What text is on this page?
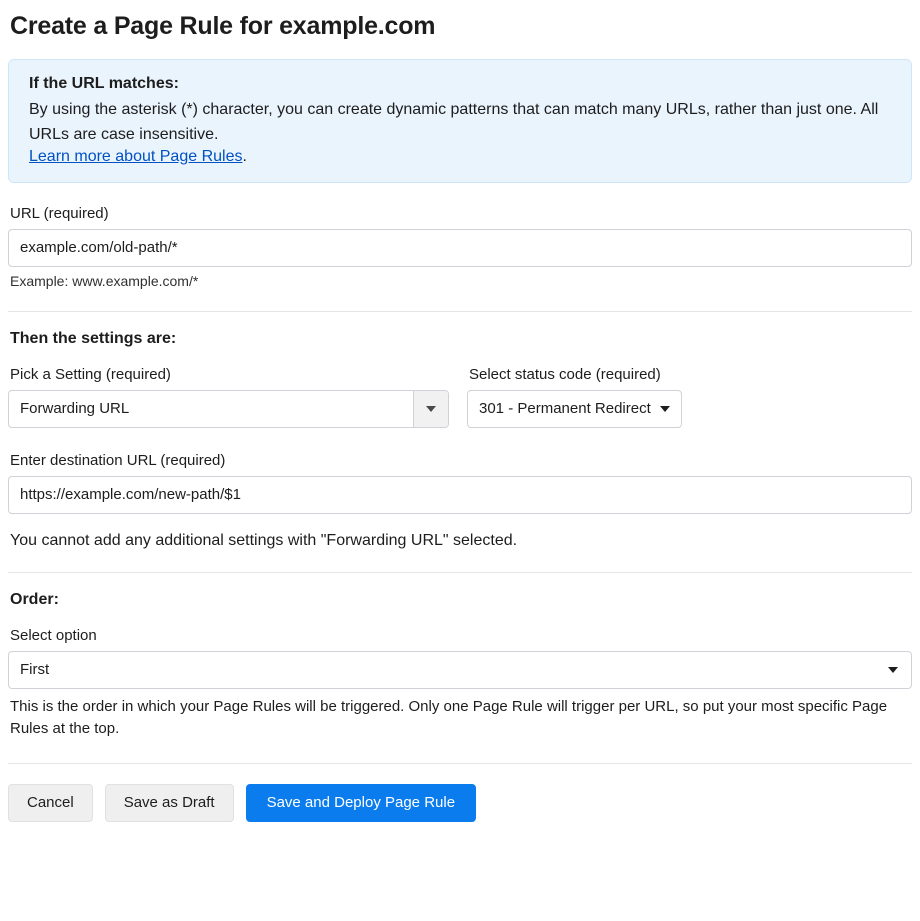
Create a Page Rule for example.com
If the URL matches:
By using the asterisk (*) character, you can create dynamic patterns that can match many URLs, rather than just one. All URLs are case insensitive.
Learn more about Page Rules.
URL (required)
example.com/old-path/*
Example: www.example.com/*
Then the settings are:
Pick a Setting (required)
Forwarding URL
Select status code (required)
301 - Permanent Redirect
Enter destination URL (required)
https://example.com/new-path/$1
You cannot add any additional settings with "Forwarding URL" selected.
Order:
Select option
First
This is the order in which your Page Rules will be triggered. Only one Page Rule will trigger per URL, so put your most specific Page Rules at the top.
Cancel	Save as Draft	Save and Deploy Page Rule
